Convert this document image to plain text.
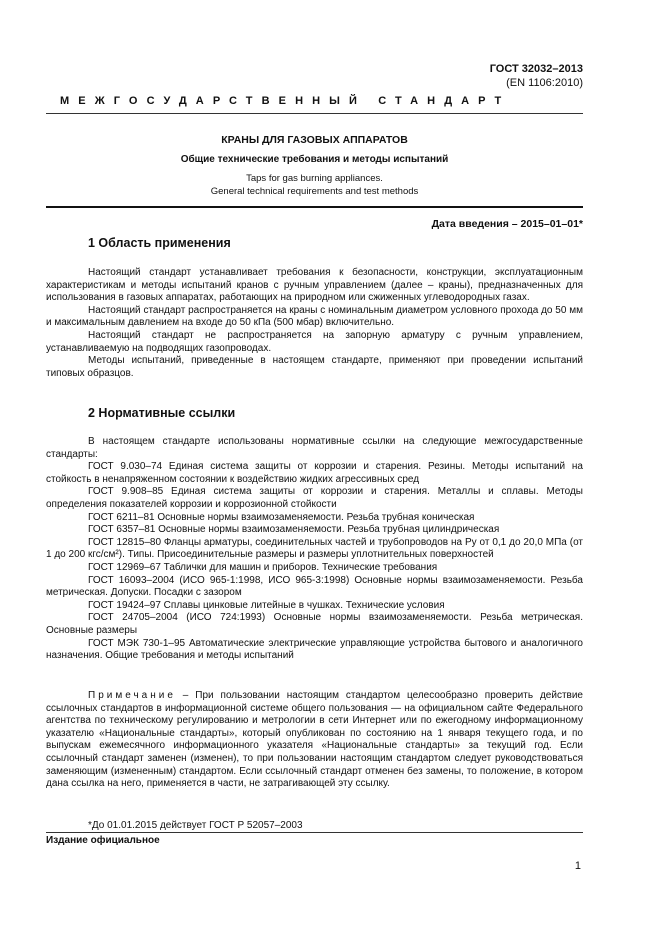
ГОСТ 32032–2013
(EN 1106:2010)
МЕЖГОСУДАРСТВЕННЫЙ СТАНДАРТ
КРАНЫ ДЛЯ ГАЗОВЫХ АППАРАТОВ
Общие технические требования и методы испытаний
Taps for gas burning appliances.
General technical requirements and test methods
Дата введения – 2015–01–01*
1 Область применения

Настоящий стандарт устанавливает требования к безопасности, конструкции, эксплуатационным характеристикам и методы испытаний кранов с ручным управлением (далее – краны), предназначенных для использования в газовых аппаратах, работающих на природном или сжиженных углеводородных газах.

Настоящий стандарт распространяется на краны с номинальным диаметром условного прохода до 50 мм и максимальным давлением на входе до 50 кПа (500 мбар) включительно.

Настоящий стандарт не распространяется на запорную арматуру с ручным управлением, устанавливаемую на подводящих газопроводах.

Методы испытаний, приведенные в настоящем стандарте, применяют при проведении испытаний типовых образцов.

2 Нормативные ссылки

В настоящем стандарте использованы нормативные ссылки на следующие межгосударственные стандарты:

ГОСТ 9.030–74 Единая система защиты от коррозии и старения. Резины. Методы испытаний на стойкость в ненапряженном состоянии к воздействию жидких агрессивных сред

ГОСТ 9.908–85 Единая система защиты от коррозии и старения. Металлы и сплавы. Методы определения показателей коррозии и коррозионной стойкости

ГОСТ 6211–81 Основные нормы взаимозаменяемости. Резьба трубная коническая

ГОСТ 6357–81 Основные нормы взаимозаменяемости. Резьба трубная цилиндрическая

ГОСТ 12815–80 Фланцы арматуры, соединительных частей и трубопроводов на Pу от 0,1 до 20,0 МПа (от 1 до 200 кгс/см²). Типы. Присоединительные размеры и размеры уплотнительных поверхностей

ГОСТ 12969–67 Таблички для машин и приборов. Технические требования

ГОСТ 16093–2004 (ИСО 965-1:1998, ИСО 965-3:1998) Основные нормы взаимозаменяемости. Резьба метрическая. Допуски. Посадки с зазором

ГОСТ 19424–97 Сплавы цинковые литейные в чушках. Технические условия

ГОСТ 24705–2004 (ИСО 724:1993) Основные нормы взаимозаменяемости. Резьба метрическая. Основные размеры

ГОСТ МЭК 730-1–95 Автоматические электрические управляющие устройства бытового и аналогичного назначения. Общие требования и методы испытаний

Примечание – При пользовании настоящим стандартом целесообразно проверить действие ссылочных стандартов в информационной системе общего пользования — на официальном сайте Федерального агентства по техническому регулированию и метрологии в сети Интернет или по ежегодному информационному указателю «Национальные стандарты», который опубликован по состоянию на 1 января текущего года, и по выпускам ежемесячного информационного указателя «Национальные стандарты» за текущий год. Если ссылочный стандарт заменен (изменен), то при пользовании настоящим стандартом следует руководствоваться заменяющим (измененным) стандартом. Если ссылочный стандарт отменен без замены, то положение, в котором дана ссылка на него, применяется в части, не затрагивающей эту ссылку.

*До 01.01.2015 действует ГОСТ Р 52057–2003
Издание официальное
1
